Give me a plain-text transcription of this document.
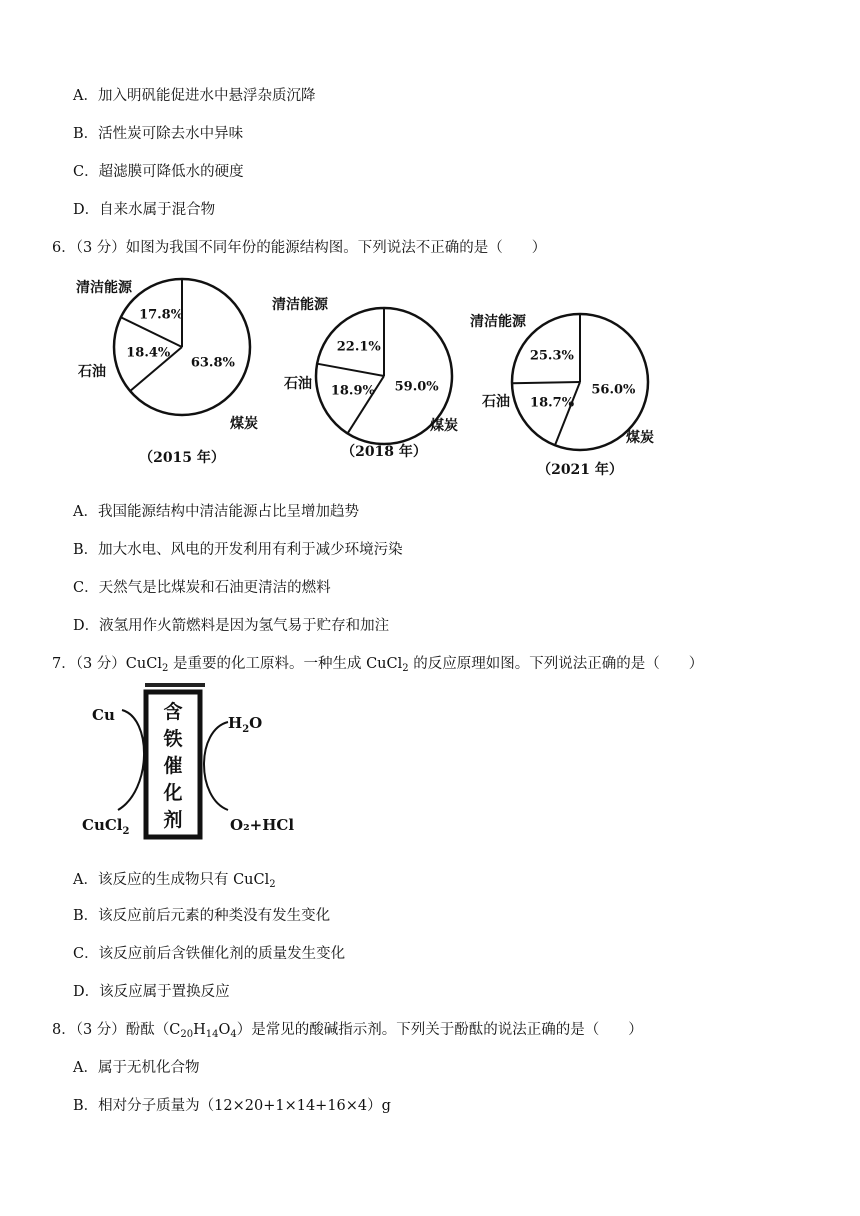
A．加入明矾能促进水中悬浮杂质沉降
B．活性炭可除去水中异味
C．超滤膜可降低水的硬度
D．自来水属于混合物
6．（3 分）如图为我国不同年份的能源结构图。下列说法不正确的是（　　）
63.8%
18.4%
17.8%
清洁能源
石油
煤炭
（2015 年）
59.0%
18.9%
22.1%
清洁能源
石油
煤炭
（2018 年）
56.0%
18.7%
25.3%
清洁能源
石油
煤炭
（2021 年）
A．我国能源结构中清洁能源占比呈增加趋势
B．加大水电、风电的开发利用有利于减少环境污染
C．天然气是比煤炭和石油更清洁的燃料
D．液氢用作火箭燃料是因为氢气易于贮存和加注
7．（3 分）CuCl$_2$ 是重要的化工原料。一种生成 CuCl$_2$ 的反应原理如图。下列说法正确的是（　　）
含
铁
催
化
剂
Cu
CuCl$_2$
$H_2O$
O₂+HCl
A．该反应的生成物只有 CuCl$_2$
B．该反应前后元素的种类没有发生变化
C．该反应前后含铁催化剂的质量发生变化
D．该反应属于置换反应
8．（3 分）酚酞$(C_{20}H_{14}O_4)$是常见的酸碱指示剂。下列关于酚酞的说法正确的是（　　）
A．属于无机化合物
B．相对分子质量为（12×20+1×14+16×4）g
